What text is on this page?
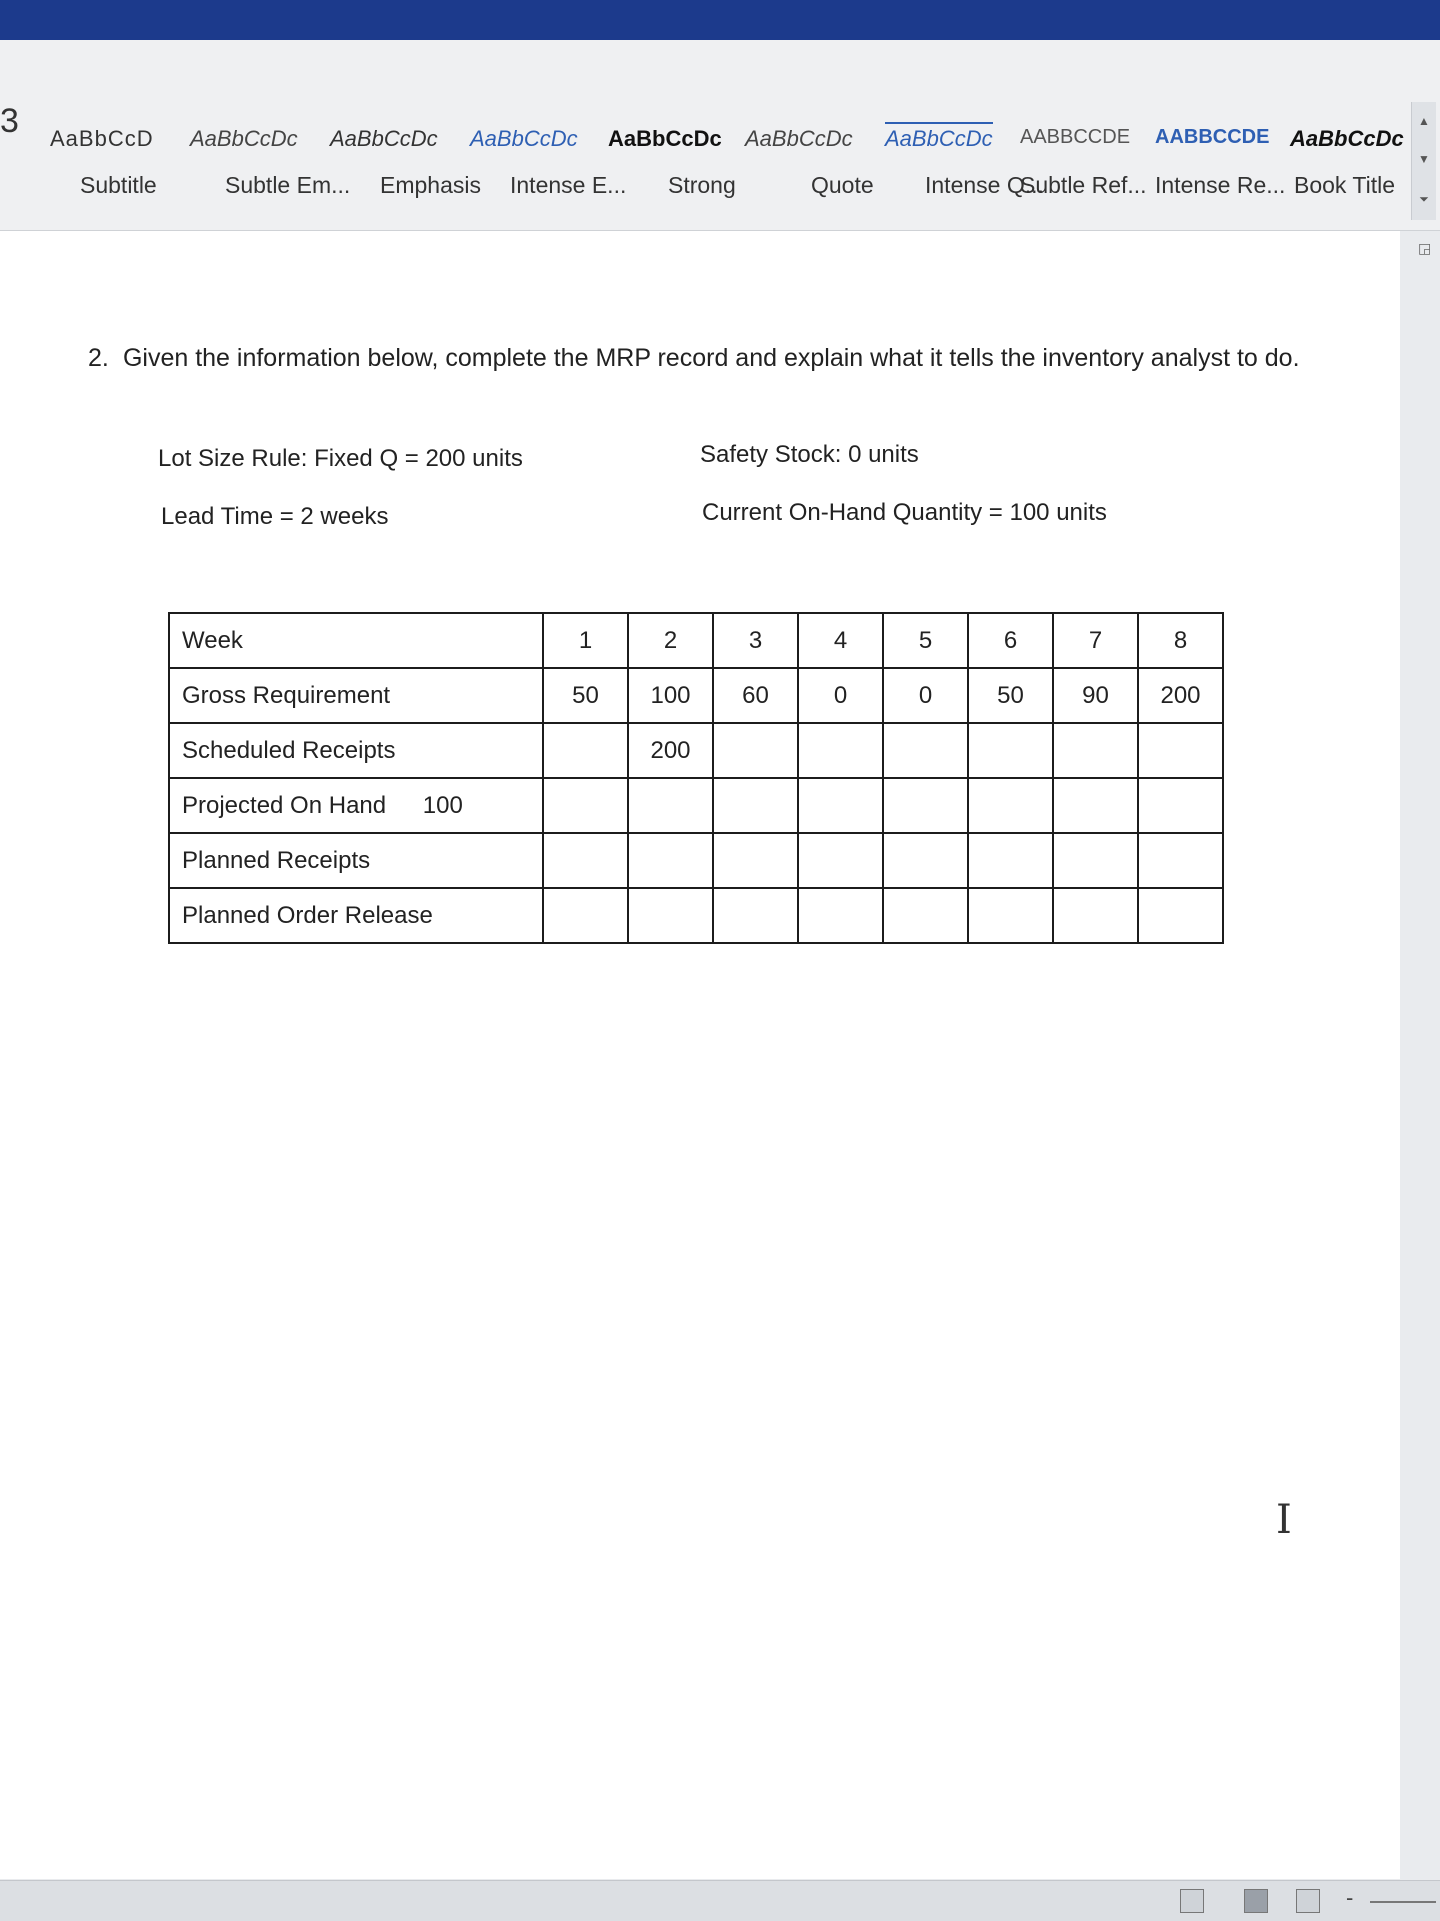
3 AaBbCcD
Subtitle
AaBbCcDc
Subtle Em...
AaBbCcDc
Emphasis
AaBbCcDc
Intense E...
AaBbCcDc
Strong
AaBbCcDc
Quote
AaBbCcDc
Intense Q...
AABBCCDE
Subtle Ref...
AABBCCDE
Intense Re...
AaBbCcDc
Book Title
▲
▼
⏷
◲
2. Given the information below, complete the MRP record and explain what it tells the inventory analyst to do.
Lot Size Rule: Fixed Q = 200 units	Safety Stock: 0 units
Lead Time = 2 weeks	Current On-Hand Quantity = 100 units
Week	1	2	3	4	5	6	7	8
Gross Requirement	50	100	60	0	0	50	90	200
Scheduled Receipts		200						
Projected On Hand 100								
Planned Receipts								
Planned Order Release								
I
-
